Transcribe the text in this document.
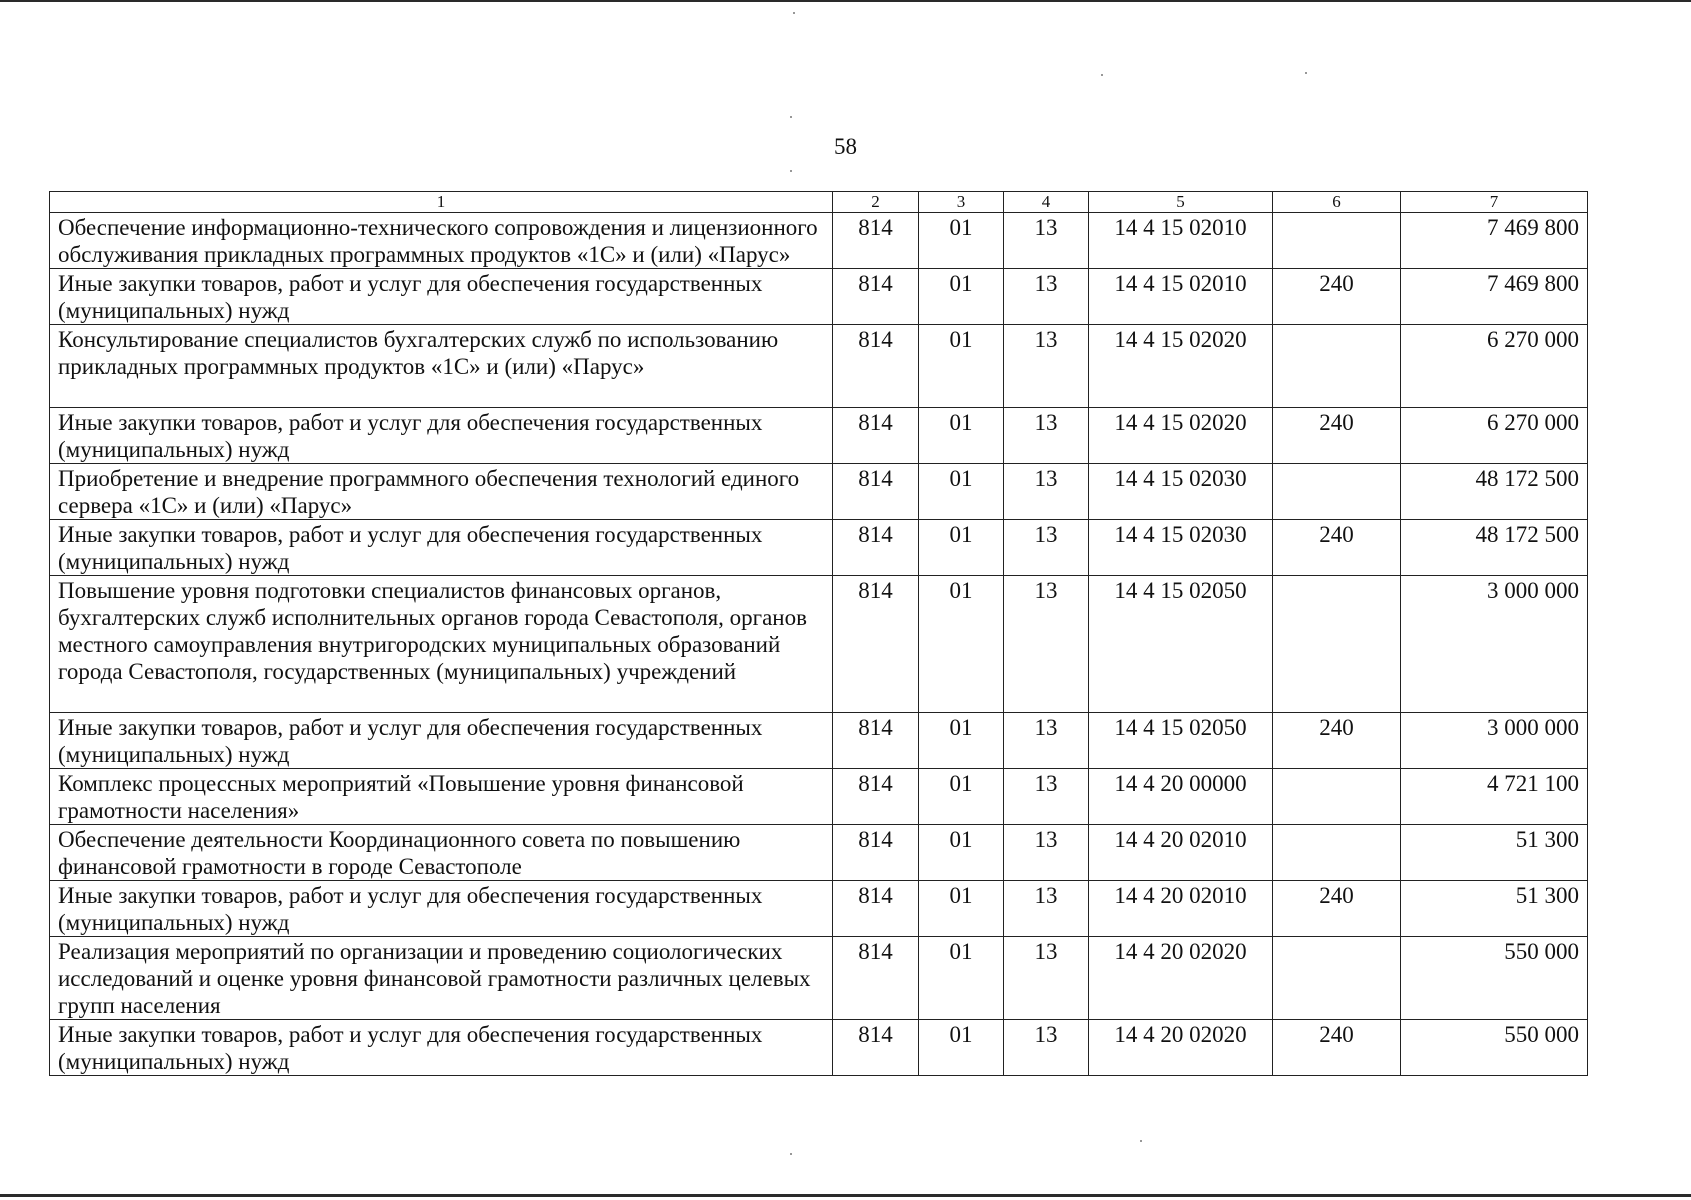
58
1	2	3	4	5	6	7
Обеспечение информационно-технического сопровождения и лицензионного обслуживания прикладных программных продуктов «1С» и (или) «Парус»	814	01	13	14 4 15 02010		7 469 800
Иные закупки товаров, работ и услуг для обеспечения государственных (муниципальных) нужд	814	01	13	14 4 15 02010	240	7 469 800
Консультирование специалистов бухгалтерских служб по использованию прикладных программных продуктов «1С» и (или) «Парус»	814	01	13	14 4 15 02020		6 270 000
Иные закупки товаров, работ и услуг для обеспечения государственных (муниципальных) нужд	814	01	13	14 4 15 02020	240	6 270 000
Приобретение и внедрение программного обеспечения технологий единого сервера «1С» и (или) «Парус»	814	01	13	14 4 15 02030		48 172 500
Иные закупки товаров, работ и услуг для обеспечения государственных (муниципальных) нужд	814	01	13	14 4 15 02030	240	48 172 500
Повышение уровня подготовки специалистов финансовых органов, бухгалтерских служб исполнительных органов города Севастополя, органов местного самоуправления внутригородских муниципальных образований города Севастополя, государственных (муниципальных) учреждений	814	01	13	14 4 15 02050		3 000 000
Иные закупки товаров, работ и услуг для обеспечения государственных (муниципальных) нужд	814	01	13	14 4 15 02050	240	3 000 000
Комплекс процессных мероприятий «Повышение уровня финансовой грамотности населения»	814	01	13	14 4 20 00000		4 721 100
Обеспечение деятельности Координационного совета по повышению финансовой грамотности в городе Севастополе	814	01	13	14 4 20 02010		51 300
Иные закупки товаров, работ и услуг для обеспечения государственных (муниципальных) нужд	814	01	13	14 4 20 02010	240	51 300
Реализация мероприятий по организации и проведению социологических исследований и оценке уровня финансовой грамотности различных целевых групп населения	814	01	13	14 4 20 02020		550 000
Иные закупки товаров, работ и услуг для обеспечения государственных (муниципальных) нужд	814	01	13	14 4 20 02020	240	550 000
